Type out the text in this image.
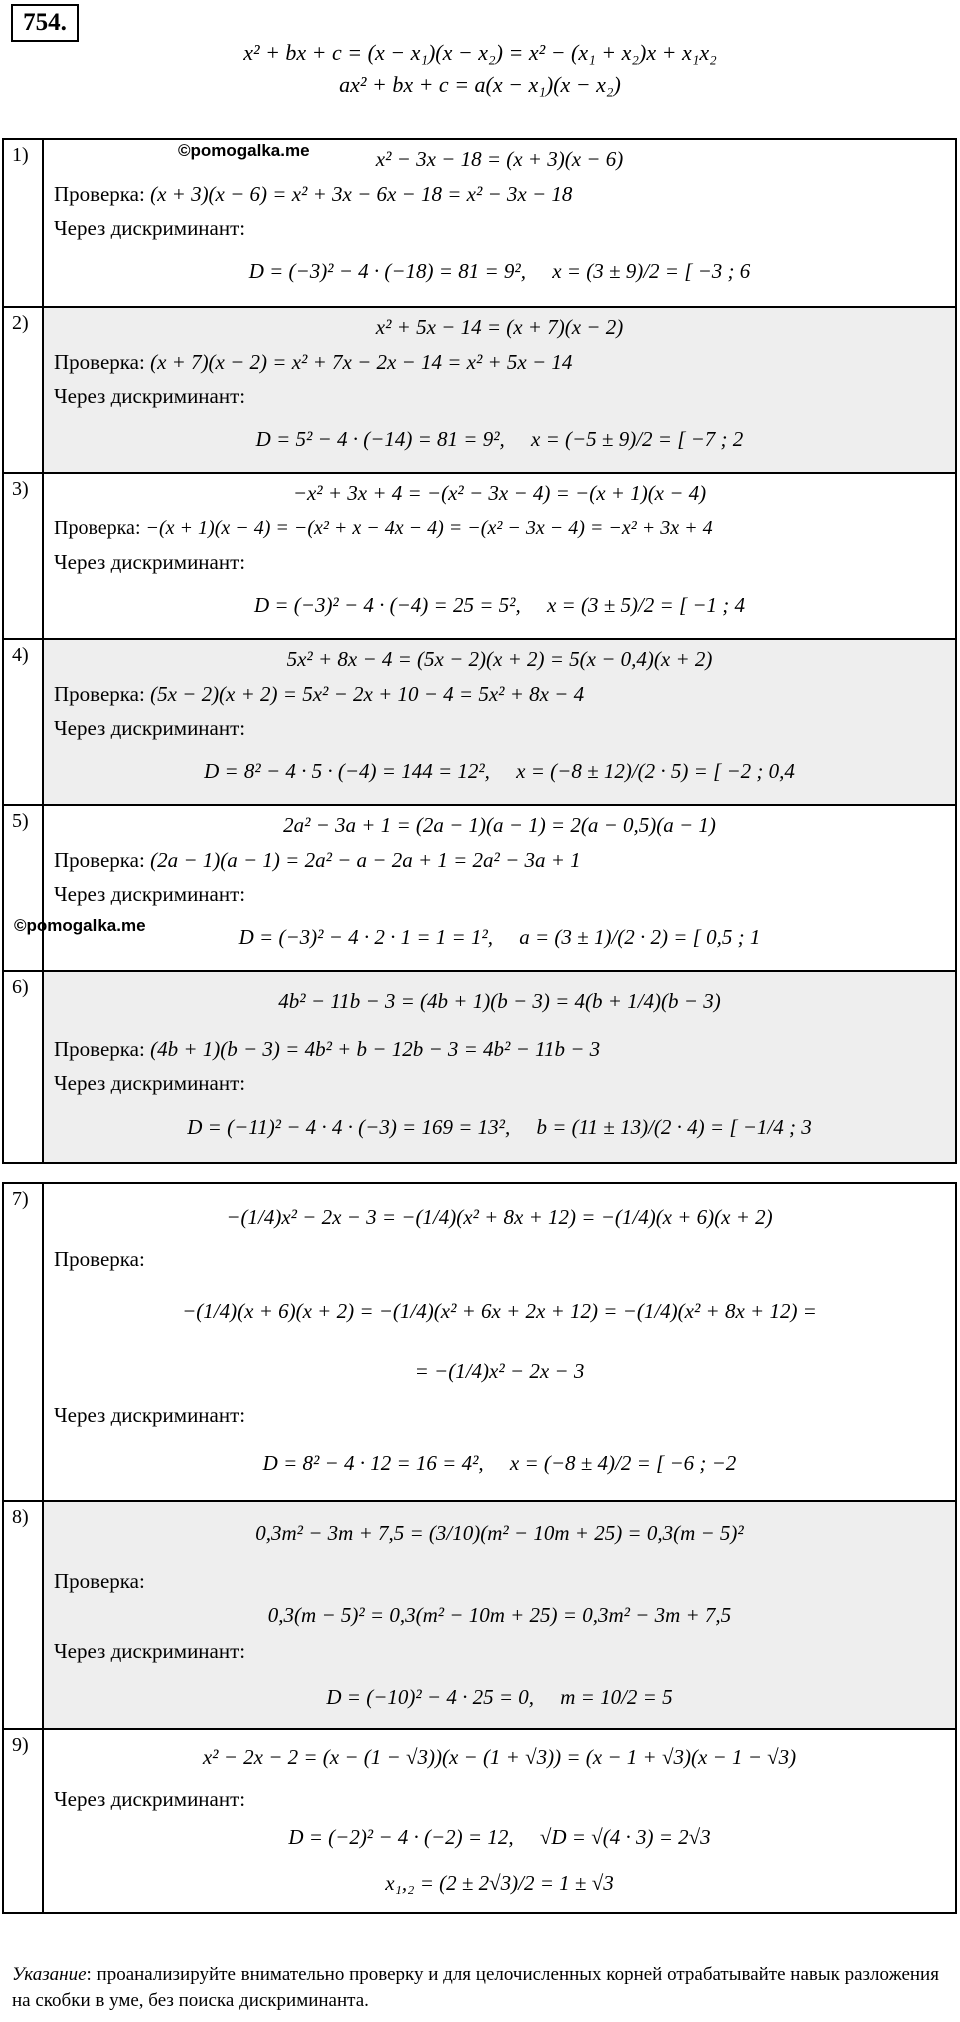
754.
x² + bx + c = (x − x₁)(x − x₂) = x² − (x₁ + x₂)x + x₁x₂
ax² + bx + c = a(x − x₁)(x − x₂)
1)	x² − 3x − 18 = (x + 3)(x − 6)
Проверка: (x + 3)(x − 6) = x² + 3x − 6x − 18 = x² − 3x − 18
Через дискриминант:
D = (−3)² − 4 · (−18) = 81 = 9², x = (3 ± 9)/2 = [ −3 ; 6
2)	x² + 5x − 14 = (x + 7)(x − 2)
Проверка: (x + 7)(x − 2) = x² + 7x − 2x − 14 = x² + 5x − 14
Через дискриминант:
D = 5² − 4 · (−14) = 81 = 9², x = (−5 ± 9)/2 = [ −7 ; 2
3)	−x² + 3x + 4 = −(x² − 3x − 4) = −(x + 1)(x − 4)
Проверка: −(x + 1)(x − 4) = −(x² + x − 4x − 4) = −(x² − 3x − 4) = −x² + 3x + 4
Через дискриминант:
D = (−3)² − 4 · (−4) = 25 = 5², x = (3 ± 5)/2 = [ −1 ; 4
4)	5x² + 8x − 4 = (5x − 2)(x + 2) = 5(x − 0,4)(x + 2)
Проверка: (5x − 2)(x + 2) = 5x² − 2x + 10 − 4 = 5x² + 8x − 4
Через дискриминант:
D = 8² − 4 · 5 · (−4) = 144 = 12², x = (−8 ± 12)/(2 · 5) = [ −2 ; 0,4
5)	2a² − 3a + 1 = (2a − 1)(a − 1) = 2(a − 0,5)(a − 1)
Проверка: (2a − 1)(a − 1) = 2a² − a − 2a + 1 = 2a² − 3a + 1
Через дискриминант:
D = (−3)² − 4 · 2 · 1 = 1 = 1², a = (3 ± 1)/(2 · 2) = [ 0,5 ; 1
6)
4b² − 11b − 3 = (4b + 1)(b − 3) = 4(b + 1/4)(b − 3)
Проверка: (4b + 1)(b − 3) = 4b² + b − 12b − 3 = 4b² − 11b − 3
Через дискриминант:
D = (−11)² − 4 · 4 · (−3) = 169 = 13², b = (11 ± 13)/(2 · 4) = [ −1/4 ; 3
7)
−(1/4)x² − 2x − 3 = −(1/4)(x² + 8x + 12) = −(1/4)(x + 6)(x + 2)
Проверка:
−(1/4)(x + 6)(x + 2) = −(1/4)(x² + 6x + 2x + 12) = −(1/4)(x² + 8x + 12) =
= −(1/4)x² − 2x − 3
Через дискриминант:
D = 8² − 4 · 12 = 16 = 4², x = (−8 ± 4)/2 = [ −6 ; −2
8)
0,3m² − 3m + 7,5 = (3/10)(m² − 10m + 25) = 0,3(m − 5)²
Проверка:
0,3(m − 5)² = 0,3(m² − 10m + 25) = 0,3m² − 3m + 7,5
Через дискриминант:
D = (−10)² − 4 · 25 = 0, m = 10/2 = 5
9)	x² − 2x − 2 = (x − (1 − √3))(x − (1 + √3)) = (x − 1 + √3)(x − 1 − √3)
Через дискриминант:
D = (−2)² − 4 · (−2) = 12, √D = √(4 · 3) = 2√3
x₁,₂ = (2 ± 2√3)/2 = 1 ± √3
©pomogalka.me
©pomogalka.me
Указание: проанализируйте внимательно проверку и для целочисленных корней отрабатывайте навык разложения на скобки в уме, без поиска дискриминанта.
